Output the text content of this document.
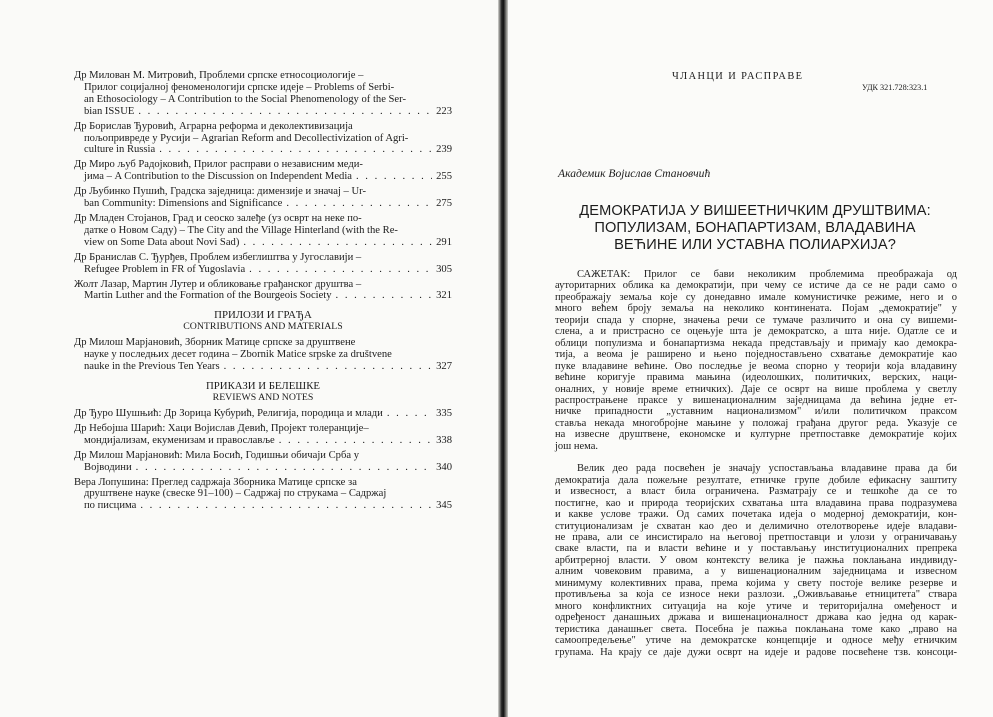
Др Милован М. Митровић, Проблеми српске етносоциологије –
Прилог социјалној феноменологији српске идеје – Problems of Serbi-
an Ethosociology – A Contribution to the Social Phenomenology of the Ser-
bian ISSUE . . .	223
Др Борислав Ђуровић, Аграрна реформа и деколективизација
пољопривреде у Русији – Agrarian Reform and Decollectivization of Agri-
culture in Russia . . .	239
Др Миро љуб Радојковић, Прилог расправи о независним меди-
јима – A Contribution to the Discussion on Independent Media . . .	255
Др Љубинко Пушић, Градска заједница: димензије и значај – Ur-
ban Community: Dimensions and Significance . . .	275
Др Младен Стојанов, Град и сеоско залеђе (уз осврт на неке по-
датке о Новом Саду) – The City and the Village Hinterland (with the Re-
view on Some Data about Novi Sad) . . .	291
Др Бранислав С. Ђурђев, Проблем избеглиштва у Југославији –
Refugee Problem in FR of Yugoslavia . . .	305
Жолт Лазар, Мартин Лутер и обликовање грађанског друштва –
Martin Luther and the Formation of the Bourgeois Society . . .	321
ПРИЛОЗИ И ГРАЂА
CONTRIBUTIONS AND MATERIALS
Др Милош Марјановић, Зборник Матице српске за друштвене
науке у последњих десет година – Zbornik Matice srpske za društvene
nauke in the Previous Ten Years . . .	327
ПРИКАЗИ И БЕЛЕШКЕ
REVIEWS AND NOTES
Др Ђуро Шушњић: Др Зорица Кубурић, Религија, породица и млади . . .	335
Др Небојша Шарић: Хаци Војислав Девић, Пројект толеранције–
мондијализам, екуменизам и православље . . .	338
Др Милош Марјановић: Мила Босић, Годишњи обичаји Срба у
Војводини . . .	340
Вера Лопушина: Преглед садржаја Зборника Матице српске за
друштвене науке (свеске 91–100) – Садржај по струкама – Садржај
по писцима . . .	345
ЧЛАНЦИ И РАСПРАВЕ
УДК 321.728:323.1
Академик Војислав Становчић
ДЕМОКРАТИЈА У ВИШЕЕТНИЧКИМ ДРУШТВИМА:
ПОПУЛИЗАМ, БОНАПАРТИЗАМ, ВЛАДАВИНА
ВЕЋИНЕ ИЛИ УСТАВНА ПОЛИАРХИЈА?

САЖЕТАК: Прилог се бави неколиким проблемима преображаја од
ауторитарних облика ка демократији, при чему се истиче да се не ради само о
преображају земаља које су донедавно имале комунистичке режиме, него и о
много већем броју земаља на неколико континената. Појам „демократије" у
теорији спада у спорне, значења речи се тумаче различито и она су вишеми-
слена, а и пристрасно се оцењује шта је демократско, а шта није. Одатле се и
облици популизма и бонапартизма некада представљају и примају као демокра-
тија, а веома је раширено и њено поједностављено схватање демократије као
пуке владавине већине. Ово последње је веома спорно у теорији која владавину
већине коригује правима мањина (идеолошких, политичких, верских, наци-
оналних, у новије време етничких). Даје се осврт на више проблема у светлу
распрострањене праксе у вишенационалним заједницама да већина једне ет-
ничке припадности „уставним национализмом" и/или политичком праксом
ставља некада многобројне мањине у положај грађана другог реда. Указује се
на извесне друштвене, економске и културне претпоставке демократије којих
још нема.

Велик део рада посвећен је значају успостављања владавине права да би
демократија дала пожељне резултате, етничке групе добиле ефикасну заштиту
и извесност, а власт била ограничена. Разматрају се и тешкоће да се то
постигне, као и природа теоријских схватања шта владавина права подразумева
и какве услове тражи. Од самих почетака идеја о модерној демократији, кон-
ституционализам је схватан као део и делимично отелотворење идеје владави-
не права, али се инсистирало на његовој претпоставци и улози у ограничавању
сваке власти, па и власти већине и у постављању институционалних препрека
арбитрерној власти. У овом контексту велика је пажња поклањана индивиду-
алним човековим правима, а у вишенационалним заједницама и извесном
минимуму колективних права, према којима у свету постоје велике резерве и
противљења за која се износе неки разлози. „Оживљавање етницитета" ствара
много конфликтних ситуација на које утиче и територијална омеђеност и
одређеност данашњих држава и вишенационалност држава као једна од карак-
теристика данашњег света. Посебна је пажња поклањана томе како „право на
самоопредељење" утиче на демократске концепције и односе међу етничким
групама. На крају се даје дужи осврт на идеје и радове посвећене тзв. консоци-
